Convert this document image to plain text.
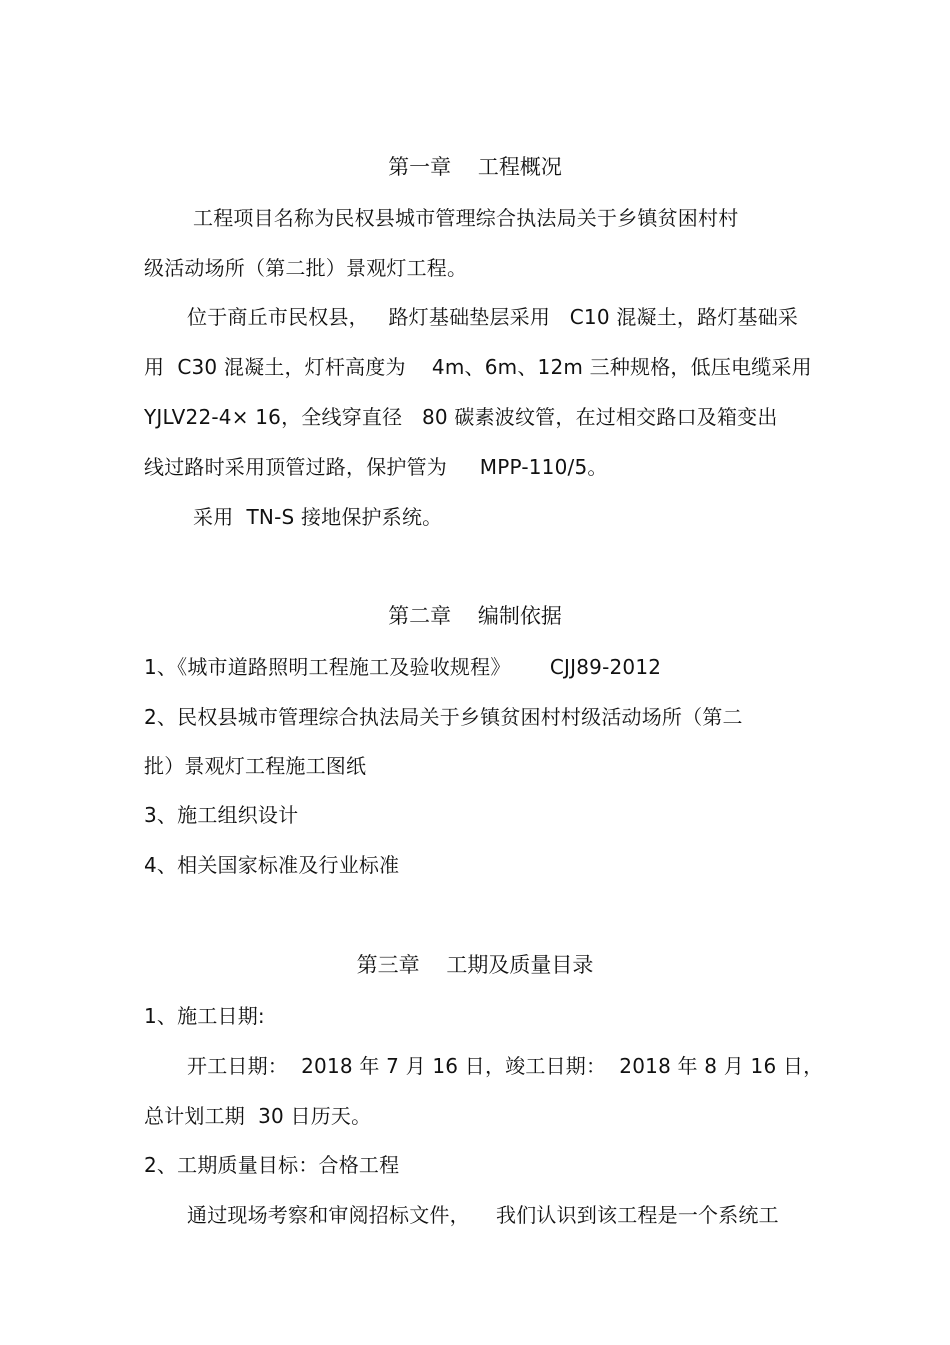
第一章    工程概况
工程项目名称为民权县城市管理综合执法局关于乡镇贫困村村
级活动场所（第二批）景观灯工程。
位于商丘市民权县，   路灯基础垫层采用   C10 混凝土，路灯基础采
用  C30 混凝土，灯杆高度为    4m、6m、12m 三种规格，低压电缆采用
YJLV22-4× 16，全线穿直径   80 碳素波纹管，在过相交路口及箱变出
线过路时采用顶管过路，保护管为     MPP-110/5。
采用  TN-S 接地保护系统。
第二章    编制依据
1、《城市道路照明工程施工及验收规程》      CJJ89-2012
2、民权县城市管理综合执法局关于乡镇贫困村村级活动场所（第二
批）景观灯工程施工图纸
3、施工组织设计
4、相关国家标准及行业标准
第三章    工期及质量目录
1、施工日期:
开工日期：  2018 年 7 月 16 日，竣工日期：  2018 年 8 月 16 日，
总计划工期  30 日历天。
2、工期质量目标：合格工程
通过现场考察和审阅招标文件，    我们认识到该工程是一个系统工
